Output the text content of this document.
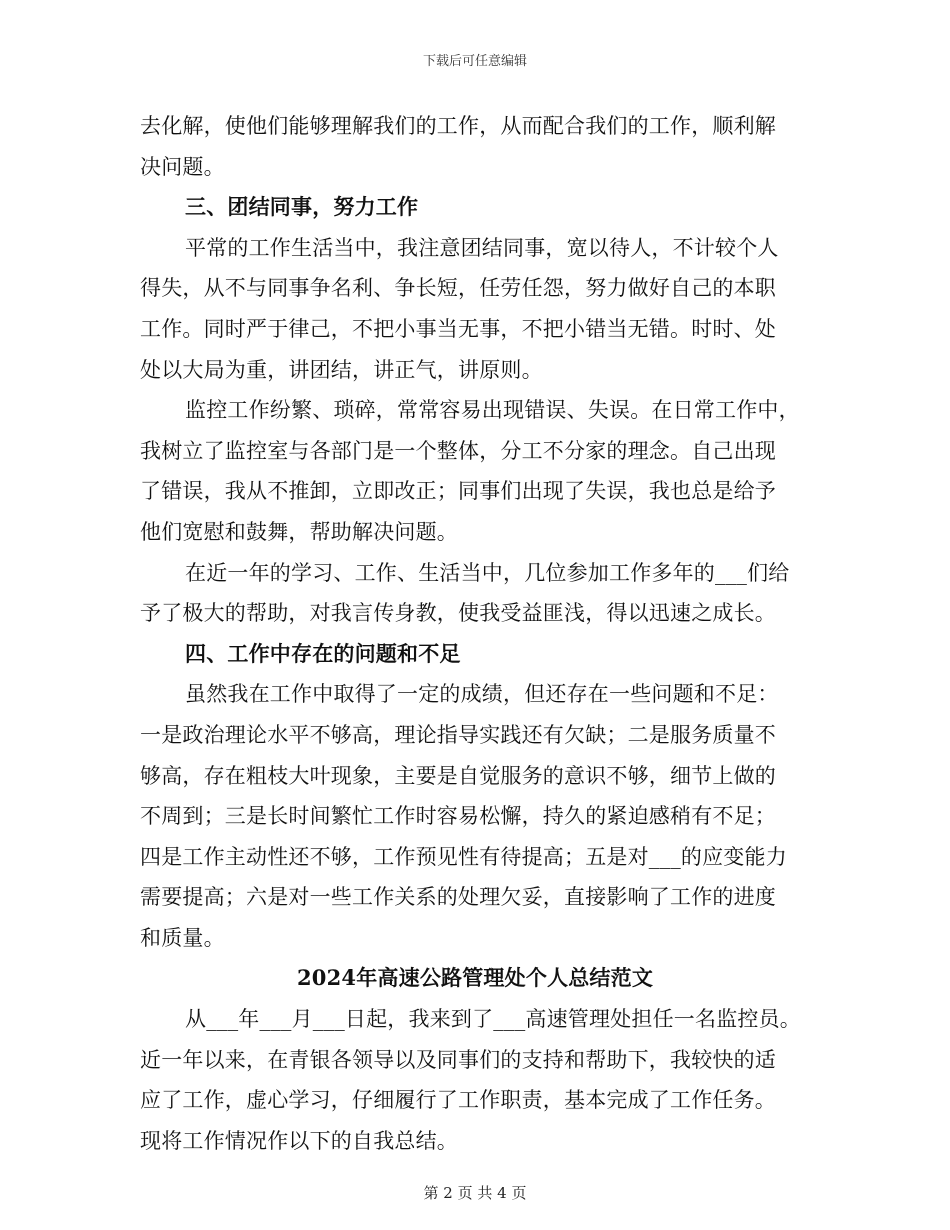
下载后可任意编辑
去化解，使他们能够理解我们的工作，从而配合我们的工作，顺利解
决问题。
三、团结同事，努力工作
平常的工作生活当中，我注意团结同事，宽以待人，不计较个人
得失，从不与同事争名利、争长短，任劳任怨，努力做好自己的本职
工作。同时严于律己，不把小事当无事，不把小错当无错。时时、处
处以大局为重，讲团结，讲正气，讲原则。
监控工作纷繁、琐碎，常常容易出现错误、失误。在日常工作中，
我树立了监控室与各部门是一个整体，分工不分家的理念。自己出现
了错误，我从不推卸，立即改正；同事们出现了失误，我也总是给予
他们宽慰和鼓舞，帮助解决问题。
在近一年的学习、工作、生活当中，几位参加工作多年的___们给
予了极大的帮助，对我言传身教，使我受益匪浅，得以迅速之成长。
四、工作中存在的问题和不足
虽然我在工作中取得了一定的成绩，但还存在一些问题和不足：
一是政治理论水平不够高，理论指导实践还有欠缺；二是服务质量不
够高，存在粗枝大叶现象，主要是自觉服务的意识不够，细节上做的
不周到；三是长时间繁忙工作时容易松懈，持久的紧迫感稍有不足；
四是工作主动性还不够，工作预见性有待提高；五是对___的应变能力
需要提高；六是对一些工作关系的处理欠妥，直接影响了工作的进度
和质量。
2024年高速公路管理处个人总结范文
从___年___月___日起，我来到了___高速管理处担任一名监控员。
近一年以来，在青银各领导以及同事们的支持和帮助下，我较快的适
应了工作，虚心学习，仔细履行了工作职责，基本完成了工作任务。
现将工作情况作以下的自我总结。
第 2 页 共 4 页
